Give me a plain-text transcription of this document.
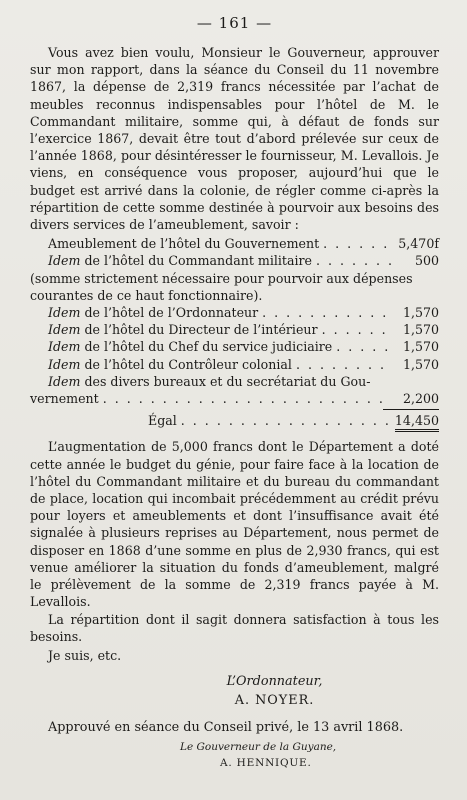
— 161 —

Vous avez bien voulu, Monsieur le Gouverneur, approuver sur mon rapport, dans la séance du Conseil du 11 novembre 1867, la dépense de 2,319 francs nécessitée par l’achat de meubles reconnus indispensables pour l’hôtel de M. le Commandant militaire, somme qui, à défaut de fonds sur l’exercice 1867, devait être tout d’abord prélevée sur ceux de l’année 1868, pour désintéresser le fournisseur, M. Levallois. Je viens, en conséquence vous proposer, aujourd’hui que le budget est arrivé dans la colonie, de régler comme ci-après la répartition de cette somme destinée à pourvoir aux besoins des divers services de l’ameublement, savoir :

Ameublement de l’hôtel du Gouvernement . . .	5,470f
Idem de l’hôtel du Commandant militaire . . .	500

(somme strictement nécessaire pour pourvoir aux dépenses courantes de ce haut fonctionnaire).

Idem de l’hôtel de l’Ordonnateur . . .	1,570
Idem de l’hôtel du Directeur de l’intérieur . . .	1,570
Idem de l’hôtel du Chef du service judiciaire . . .	1,570
Idem de l’hôtel du Contrôleur colonial . . .	1,570
Idem des divers bureaux et du secrétariat du Gou-
vernement . . .	2,200
Égal . . .	14,450

L’augmentation de 5,000 francs dont le Département a doté cette année le budget du génie, pour faire face à la location de l’hôtel du Commandant militaire et du bureau du commandant de place, location qui incombait précédemment au crédit prévu pour loyers et ameublements et dont l’insuffisance avait été signalée à plusieurs reprises au Département, nous permet de disposer en 1868 d’une somme en plus de 2,930 francs, qui est venue améliorer la situation du fonds d’ameublement, malgré le prélèvement de la somme de 2,319 francs payée à M. Levallois.

La répartition dont il sagit donnera satisfaction à tous les besoins.

Je suis, etc.

L’Ordonnateur,
A. NOYER.

Approuvé en séance du Conseil privé, le 13 avril 1868.

Le Gouverneur de la Guyane,
A. HENNIQUE.
